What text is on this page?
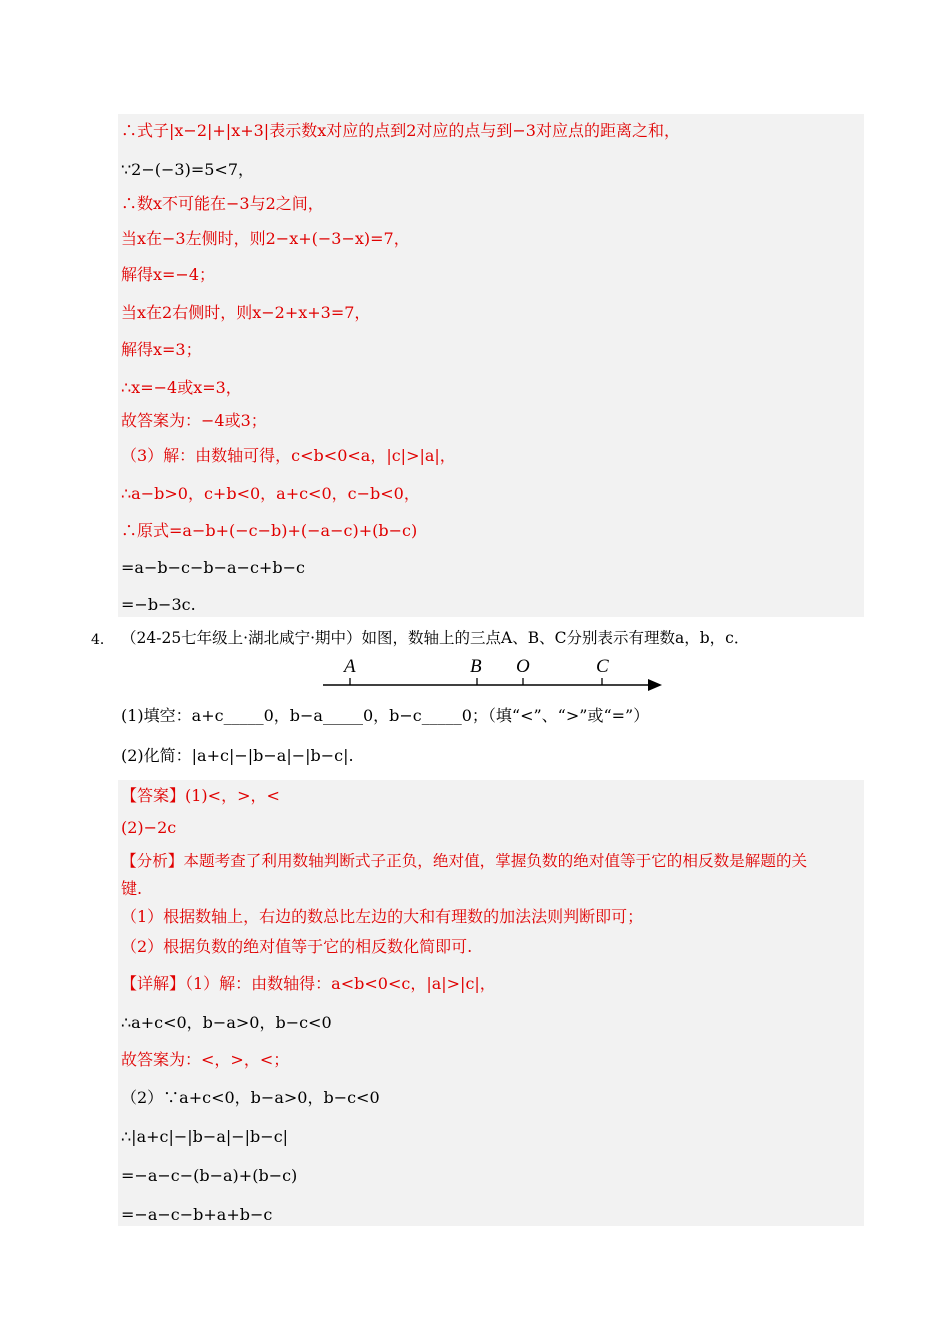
∴式子|x−2|+|x+3|表示数x对应的点到2对应的点与到−3对应点的距离之和，
∵2−(−3)=5<7，
∴数x不可能在−3与2之间，
当x在−3左侧时，则2−x+(−3−x)=7，
解得x=−4；
当x在2右侧时，则x−2+x+3=7，
解得x=3；
∴x=−4或x=3，
故答案为：−4或3；
（3）解：由数轴可得，c<b<0<a，|c|>|a|，
∴a−b>0，c+b<0，a+c<0，c−b<0，
∴原式=a−b+(−c−b)+(−a−c)+(b−c)
=a−b−c−b−a−c+b−c
=−b−3c.
4． （24-25七年级上·湖北咸宁·期中）如图，数轴上的三点A、B、C分别表示有理数a，b，c．
A	B O	C
(1)填空：a+c_____0，b−a_____0，b−c_____0；（填“<”、“>”或“=”）
(2)化简：|a+c|−|b−a|−|b−c|.
【答案】(1)<，>，<
(2)−2c
【分析】本题考查了利用数轴判断式子正负，绝对值，掌握负数的绝对值等于它的相反数是解题的关
键.
（1）根据数轴上，右边的数总比左边的大和有理数的加法法则判断即可；
（2）根据负数的绝对值等于它的相反数化简即可.
【详解】（1）解：由数轴得：a<b<0<c，|a|>|c|，
∴a+c<0，b−a>0，b−c<0
故答案为：<，>，<；
（2）∵a+c<0，b−a>0，b−c<0
∴|a+c|−|b−a|−|b−c|
=−a−c−(b−a)+(b−c)
=−a−c−b+a+b−c
